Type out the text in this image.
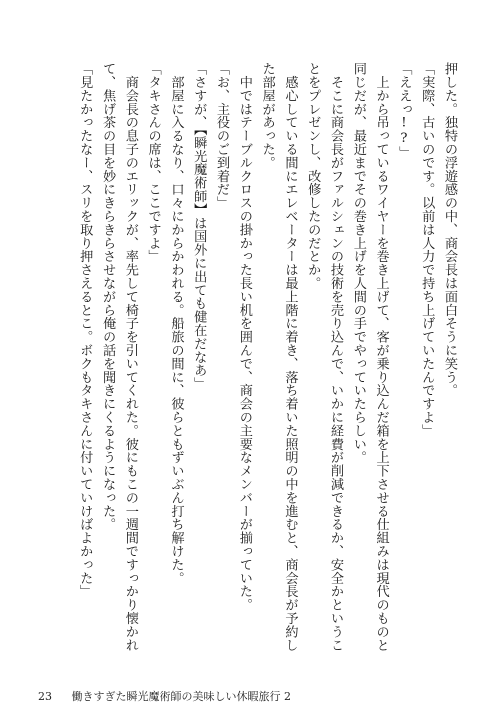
押した。独特の浮遊感の中、商会長は面白そうに笑う。
「実際、古いのです。以前は人力で持ち上げていたんですよ」
「ええっ!?」
　上から吊っているワイヤーを巻き上げて、客が乗り込んだ箱を上下させる仕組みは現代のものと
同じだが、最近までその巻き上げを人間の手でやっていたらしい。
　そこに商会長がファルシェンの技術を売り込んで、いかに経費が削減できるか、安全かというこ
とをプレゼンし、改修したのだとか。
　感心している間にエレベーターは最上階に着き、落ち着いた照明の中を進むと、商会長が予約し
た部屋があった。
　中ではテーブルクロスの掛かった長い机を囲んで、商会の主要なメンバーが揃っていた。
「お、主役のご到着だ」
「さすが、【瞬光魔術師】は国外に出ても健在だなあ」
　部屋に入るなり、口々にからかわれる。船旅の間に、彼らともずいぶん打ち解けた。
「タキさんの席は、ここですよ」
　商会長の息子のエリックが、率先して椅子を引いてくれた。彼にもこの一週間ですっかり懐かれ
て、焦げ茶の目を妙にきらきらさせながら俺の話を聞きにくるようになった。
「見たかったなー、スリを取り押さえるとこ。ボクもタキさんに付いていけばよかった」
23 働きすぎた瞬光魔術師の美味しい休暇旅行 2
